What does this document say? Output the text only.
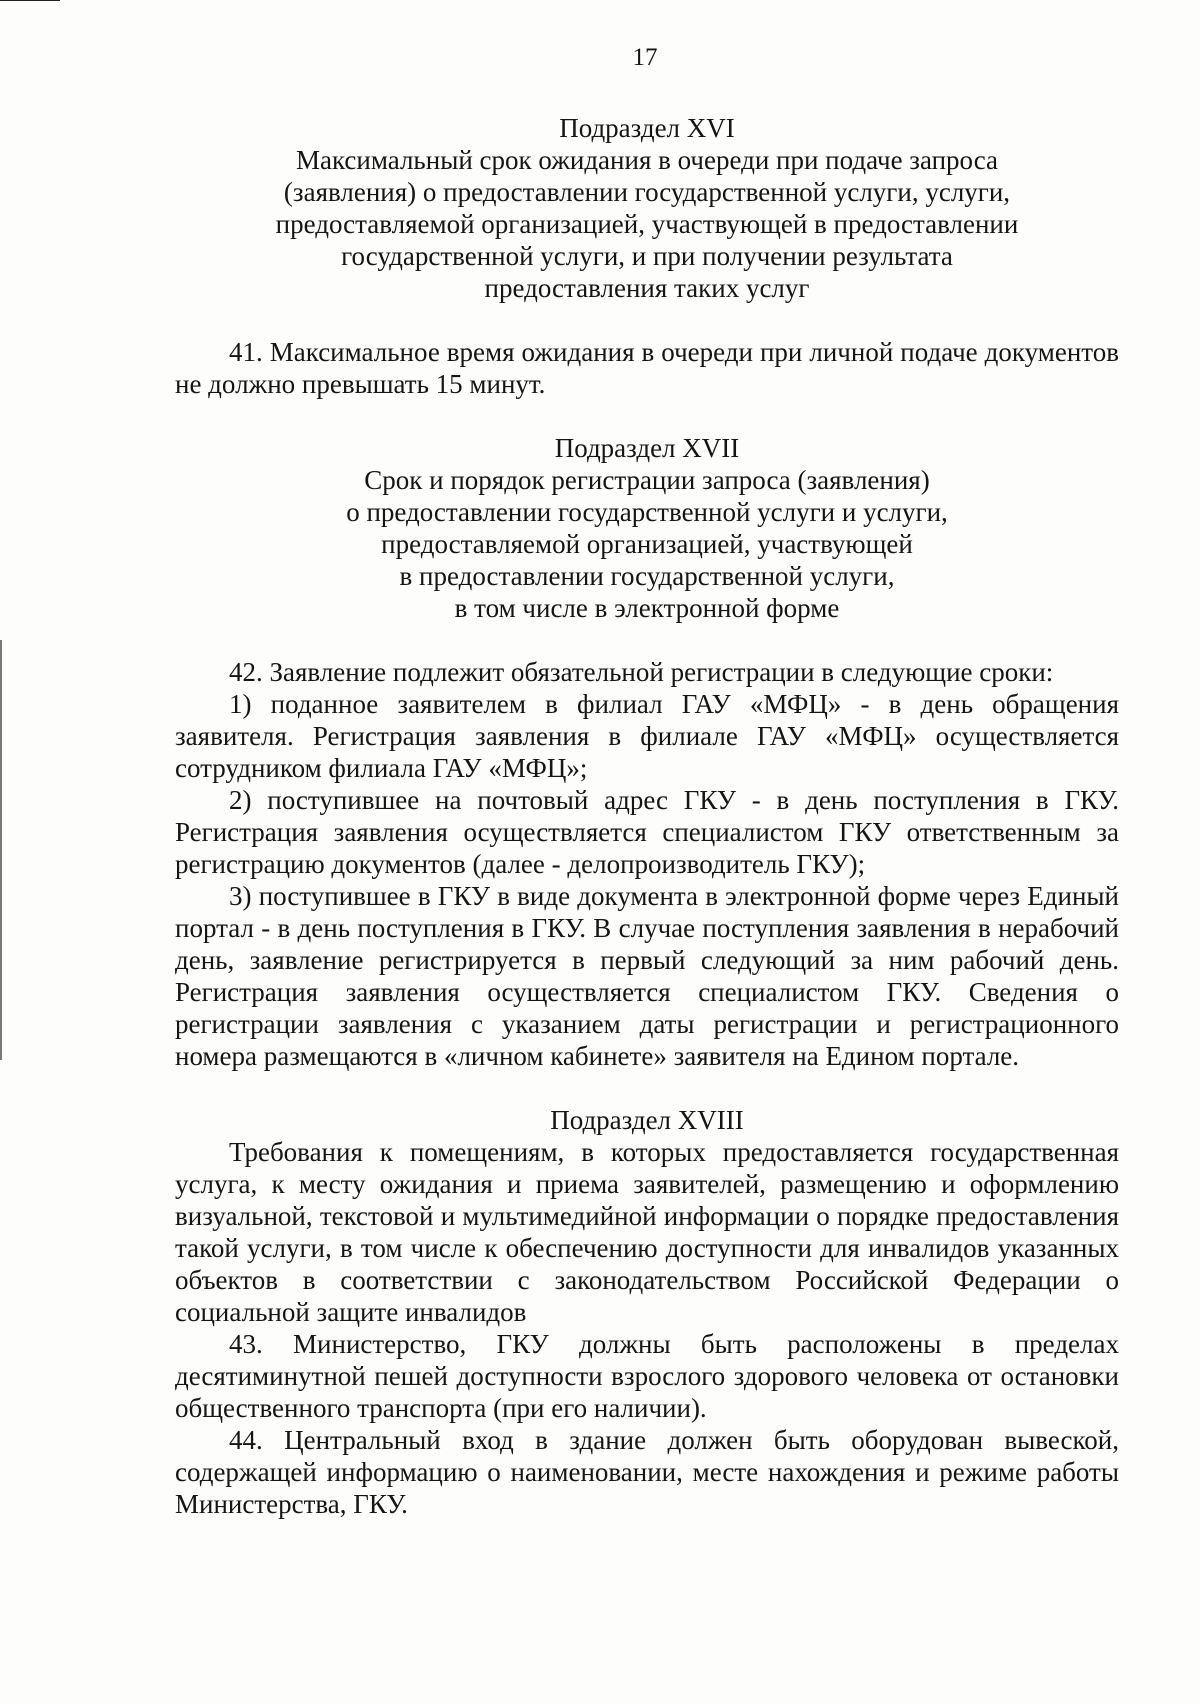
17
Подраздел XVI
Максимальный срок ожидания в очереди при подаче запроса
(заявления) о предоставлении государственной услуги, услуги,
предоставляемой организацией, участвующей в предоставлении
государственной услуги, и при получении результата
предоставления таких услуг

41. Максимальное время ожидания в очереди при личной подаче документов не должно превышать 15 минут.

Подраздел XVII
Срок и порядок регистрации запроса (заявления)
о предоставлении государственной услуги и услуги,
предоставляемой организацией, участвующей
в предоставлении государственной услуги,
в том числе в электронной форме

42. Заявление подлежит обязательной регистрации в следующие сроки:

1) поданное заявителем в филиал ГАУ «МФЦ» - в день обращения заявителя. Регистрация заявления в филиале ГАУ «МФЦ» осуществляется сотрудником филиала ГАУ «МФЦ»;

2) поступившее на почтовый адрес ГКУ - в день поступления в ГКУ. Регистрация заявления осуществляется специалистом ГКУ ответственным за регистрацию документов (далее - делопроизводитель ГКУ);

3) поступившее в ГКУ в виде документа в электронной форме через Единый портал - в день поступления в ГКУ. В случае поступления заявления в нерабочий день, заявление регистрируется в первый следующий за ним рабочий день. Регистрация заявления осуществляется специалистом ГКУ. Сведения о регистрации заявления с указанием даты регистрации и регистрационного номера размещаются в «личном кабинете» заявителя на Едином портале.

Подраздел XVIII

Требования к помещениям, в которых предоставляется государственная услуга, к месту ожидания и приема заявителей, размещению и оформлению визуальной, текстовой и мультимедийной информации о порядке предоставления такой услуги, в том числе к обеспечению доступности для инвалидов указанных объектов в соответствии с законодательством Российской Федерации о социальной защите инвалидов

43. Министерство, ГКУ должны быть расположены в пределах десятиминутной пешей доступности взрослого здорового человека от остановки общественного транспорта (при его наличии).

44. Центральный вход в здание должен быть оборудован вывеской, содержащей информацию о наименовании, месте нахождения и режиме работы Министерства, ГКУ.
